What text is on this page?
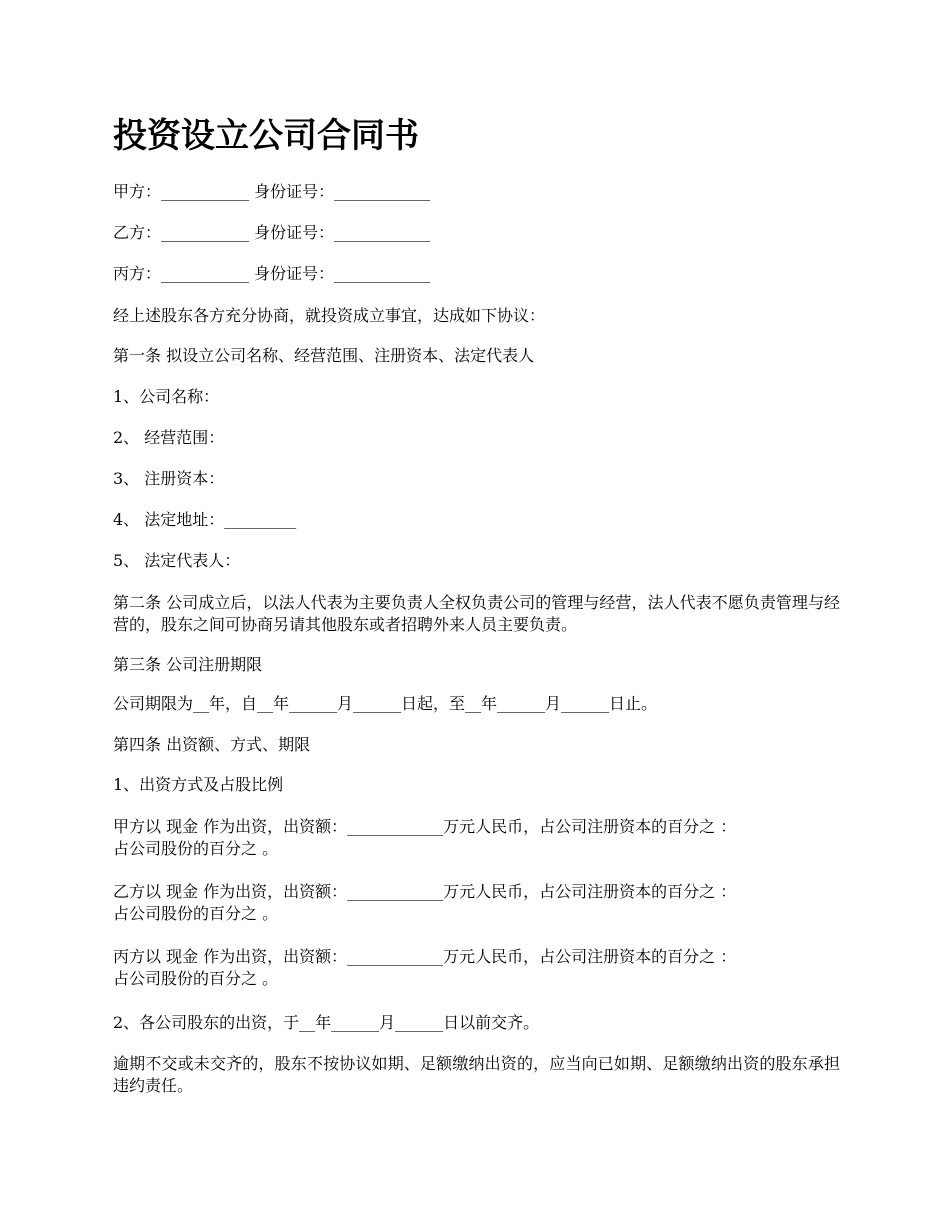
投资设立公司合同书

甲方：___________ 身份证号：____________

乙方：___________ 身份证号：____________

丙方：___________ 身份证号：____________

经上述股东各方充分协商，就投资成立事宜，达成如下协议：

第一条 拟设立公司名称、经营范围、注册资本、法定代表人

1、公司名称：

2、 经营范围：

3、 注册资本：

4、 法定地址：_________

5、 法定代表人：

第二条 公司成立后，以法人代表为主要负责人全权负责公司的管理与经营，法人代表不愿负责管理与经营的，股东之间可协商另请其他股东或者招聘外来人员主要负责。

第三条 公司注册期限

公司期限为__年，自__年______月______日起，至__年______月______日止。

第四条 出资额、方式、期限

1、出资方式及占股比例

甲方以 现金 作为出资，出资额：____________万元人民币，占公司注册资本的百分之 ：

占公司股份的百分之 。

乙方以 现金 作为出资，出资额：____________万元人民币，占公司注册资本的百分之 ：

占公司股份的百分之 。

丙方以 现金 作为出资，出资额：____________万元人民币，占公司注册资本的百分之 ：

占公司股份的百分之 。

2、各公司股东的出资，于__年______月______日以前交齐。

逾期不交或未交齐的，股东不按协议如期、足额缴纳出资的，应当向已如期、足额缴纳出资的股东承担违约责任。
